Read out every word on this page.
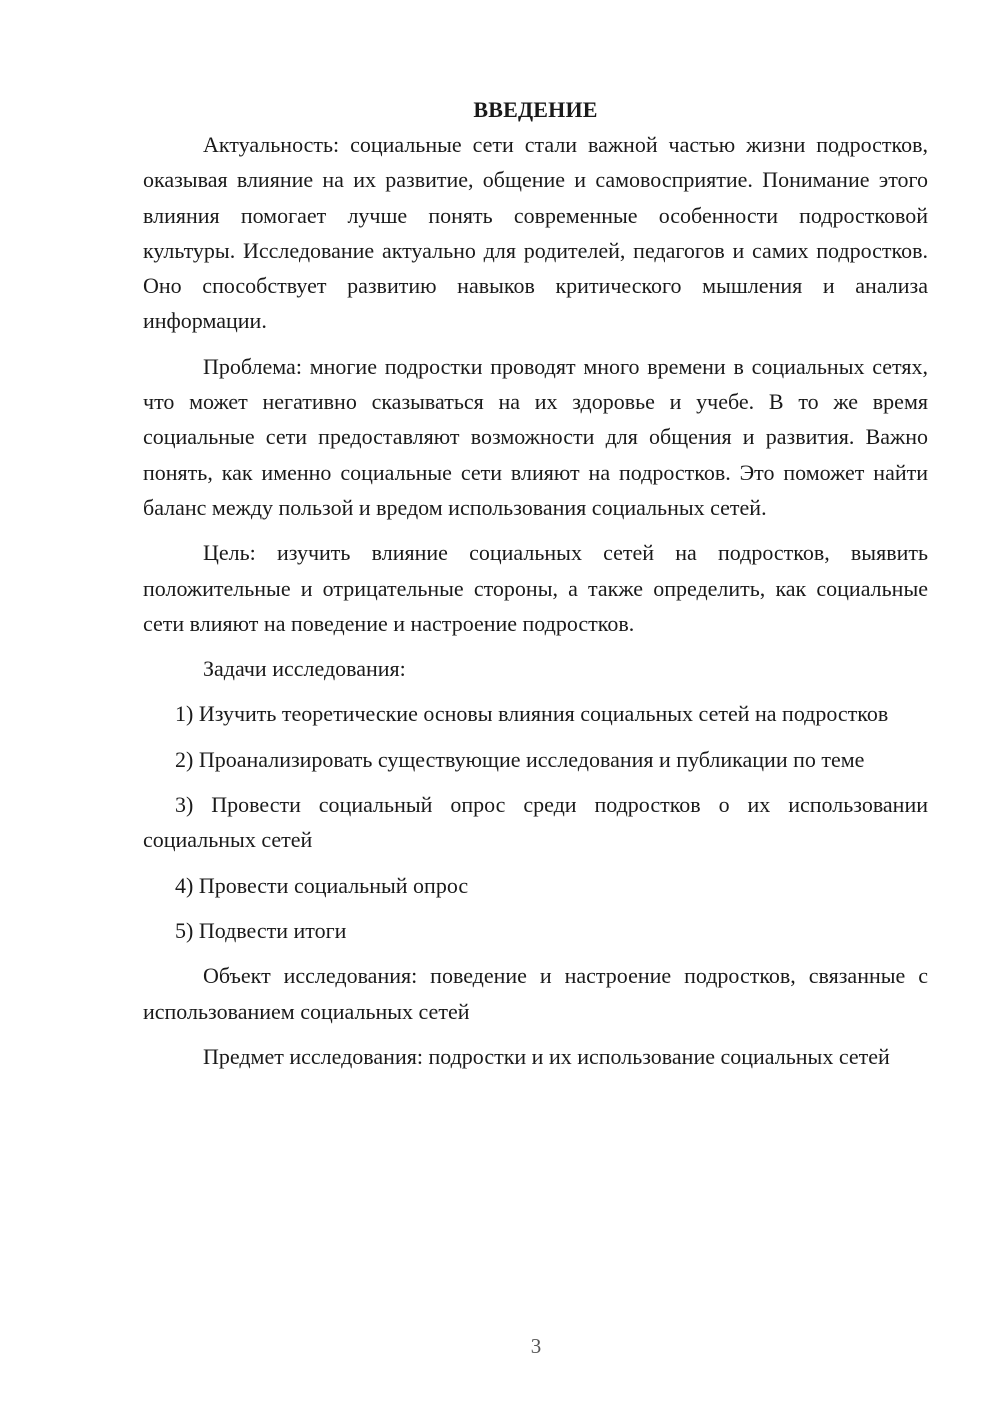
ВВЕДЕНИЕ

Актуальность: социальные сети стали важной частью жизни подростков, оказывая влияние на их развитие, общение и самовосприятие. Понимание этого влияния помогает лучше понять современные особенности подростковой культуры. Исследование актуально для родителей, педагогов и самих подростков. Оно способствует развитию навыков критического мышления и анализа информации.

Проблема: многие подростки проводят много времени в социальных сетях, что может негативно сказываться на их здоровье и учебе. В то же время социальные сети предоставляют возможности для общения и развития. Важно понять, как именно социальные сети влияют на подростков. Это поможет найти баланс между пользой и вредом использования социальных сетей.

Цель: изучить влияние социальных сетей на подростков, выявить положительные и отрицательные стороны, а также определить, как социальные сети влияют на поведение и настроение подростков.

Задачи исследования:

1) Изучить теоретические основы влияния социальных сетей на подростков

2) Проанализировать существующие исследования и публикации по теме

3) Провести социальный опрос среди подростков о их использовании социальных сетей

4) Провести социальный опрос

5) Подвести итоги

Объект исследования: поведение и настроение подростков, связанные с использованием социальных сетей

Предмет исследования: подростки и их использование социальных сетей

3
